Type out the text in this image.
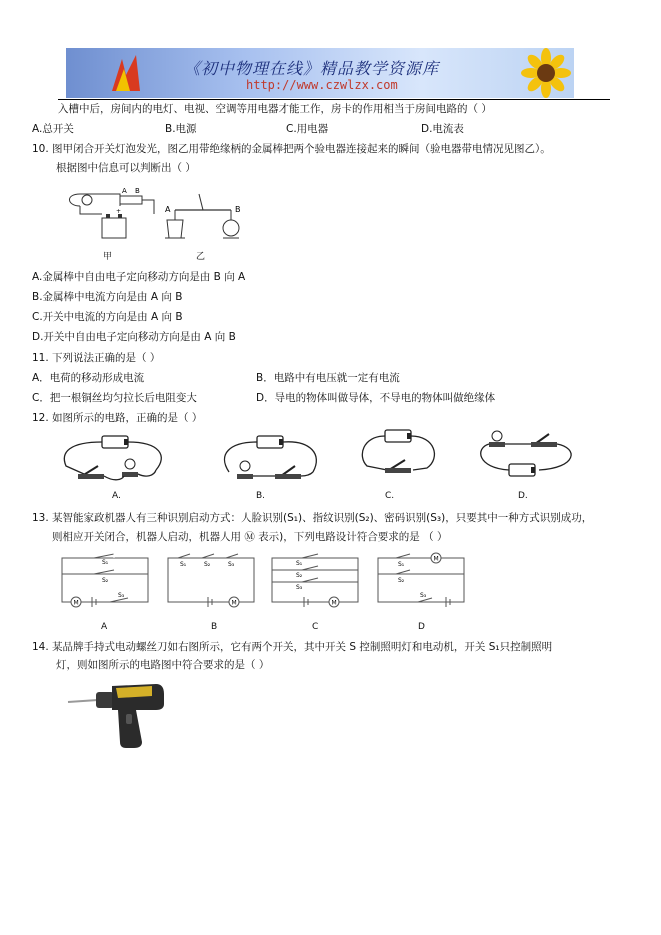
《初中物理在线》精品教学资源库
http://www.czwlzx.com
入槽中后，房间内的电灯、电视、空调等用电器才能工作，房卡的作用相当于房间电路的（ ）
A.总开关	B.电源	C.用电器	D.电流表
10. 图甲闭合开关灯泡发光，图乙用带绝缘柄的金属棒把两个验电器连接起来的瞬间（验电器带电情况见图乙）。
根据图中信息可以判断出（ ）
A B
+
甲
A	B
乙
A.金属棒中自由电子定向移动方向是由 B 向 A
B.金属棒中电流方向是由 A 向 B
C.开关中电流的方向是由 A 向 B
D.开关中自由电子定向移动方向是由 A 向 B
11. 下列说法正确的是（ ）
A．电荷的移动形成电流	B．电路中有电压就一定有电流
C．把一根铜丝均匀拉长后电阻变大	D．导电的物体叫做导体，不导电的物体叫做绝缘体
12. 如图所示的电路，正确的是（ ）
A.	B.	C.	D.
13. 某智能家政机器人有三种识别启动方式：人脸识别(S₁)、指纹识别(S₂)、密码识别(S₃)，只要其中一种方式识别成功，
则相应开关闭合，机器人启动，机器人用 Ⓜ 表示)，下列电路设计符合要求的是 （ ）
M
S₁
S₂
S₃
A
S₁	S₂	S₃
M
B
S₁
S₂
S₃
M
C
M
S₁
S₂
S₃
D
14. 某品牌手持式电动螺丝刀如右图所示，它有两个开关，其中开关 S 控制照明灯和电动机，开关 S₁只控制照明
灯，则如图所示的电路图中符合要求的是（ ）
